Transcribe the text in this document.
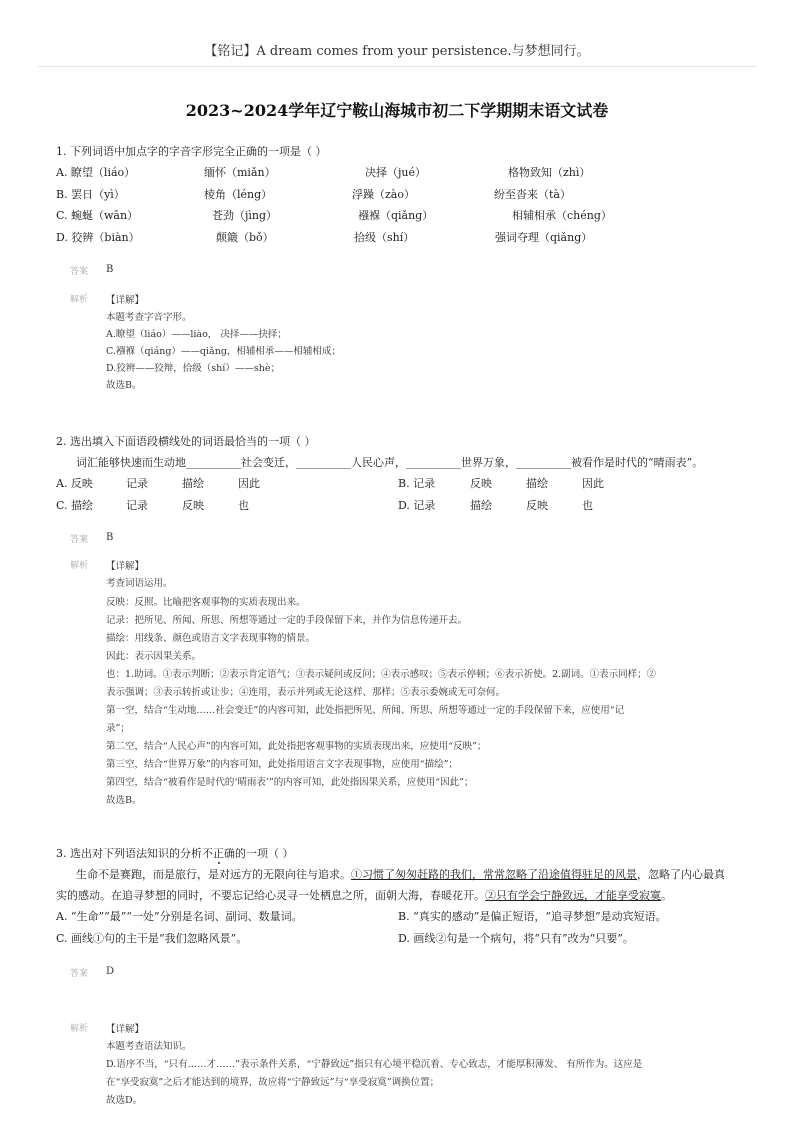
【铭记】A dream comes from your persistence.与梦想同行。
2023~2024学年辽宁鞍山海城市初二下学期期末语文试卷
1. 下列词语中加点字的字音字形完全正确的一项是（ ）
A. 瞭望（liáo）	缅怀（miǎn）	决择（jué）	格物致知（zhì）
B. 罢日（yì）	棱角（léng）	浮躁（zào）	纷至沓来（tà）
C. 蜿蜒（wān）	苍劲（jìng）	襁褓（qiǎng）	相辅相承（chéng）
D. 狡辨（biàn）	颠簸（bǒ）	拾级（shí）	强词夺理（qiǎng）
答案 B
解析 【详解】
本题考查字音字形。
A.瞭望（liáo）——liào， 决择——抉择；
C.襁褓（qiáng）——qiǎng，相辅相承——相辅相成；
D.狡辨——狡辩，拾级（shí）——shè；
故选B。
2. 选出填入下面语段横线处的词语最恰当的一项（ ）
词汇能够快速而生动地__________社会变迁，__________人民心声，__________世界万象，__________被看作是时代的“晴雨表”。
A. 反映	记录	描绘	因此	B. 记录	反映	描绘	因此
C. 描绘	记录	反映	也	D. 记录	描绘	反映	也
答案 B
解析 【详解】
考查词语运用。
反映：反照。比喻把客观事物的实质表现出来。
记录：把所见、所闻、所思、所想等通过一定的手段保留下来，并作为信息传递开去。
描绘：用线条、颜色或语言文字表现事物的情景。
因此：表示因果关系。
也：1.助词。①表示判断；②表示肯定语气；③表示疑问或反问；④表示感叹；⑤表示停顿；⑥表示祈使。2.副词。①表示同样；②
表示强调；③表示转折或让步；④连用，表示并列或无论这样、那样；⑤表示委婉或无可奈何。
第一空，结合“生动地……社会变迁”的内容可知，此处指把所见、所闻、所思、所想等通过一定的手段保留下来，应使用“记
录”；
第二空，结合“人民心声”的内容可知，此处指把客观事物的实质表现出来，应使用“反映”；
第三空，结合“世界万象”的内容可知，此处指用语言文字表现事物，应使用“描绘”；
第四空，结合“被看作是时代的‘晴雨表’”的内容可知，此处指因果关系，应使用“因此”；
故选B。
3. 选出对下列语法知识的分析不正确的一项（ ）
生命不是赛跑，而是旅行，是对远方的无限向往与追求。①习惯了匆匆赶路的我们，常常忽略了沿途值得驻足的风景，忽略了内心最真
实的感动。在追寻梦想的同时，不要忘记给心灵寻一处栖息之所，面朝大海，春暖花开。②只有学会宁静致远，才能享受寂寞。
A. “生命”“最”“一处”分别是名词、副词、数量词。	B. “真实的感动”是偏正短语，“追寻梦想”是动宾短语。
C. 画线①句的主干是“我们忽略风景”。	D. 画线②句是一个病句，将“只有”改为“只要”。
答案 D
解析 【详解】
本题考查语法知识。
D.语序不当，“只有……才……”表示条件关系，“宁静致远”指只有心境平稳沉着、专心致志，才能厚积薄发、 有所作为。这应是
在“享受寂寞”之后才能达到的境界，故应将“宁静致远”与“享受寂寞”调换位置；
故选D。
